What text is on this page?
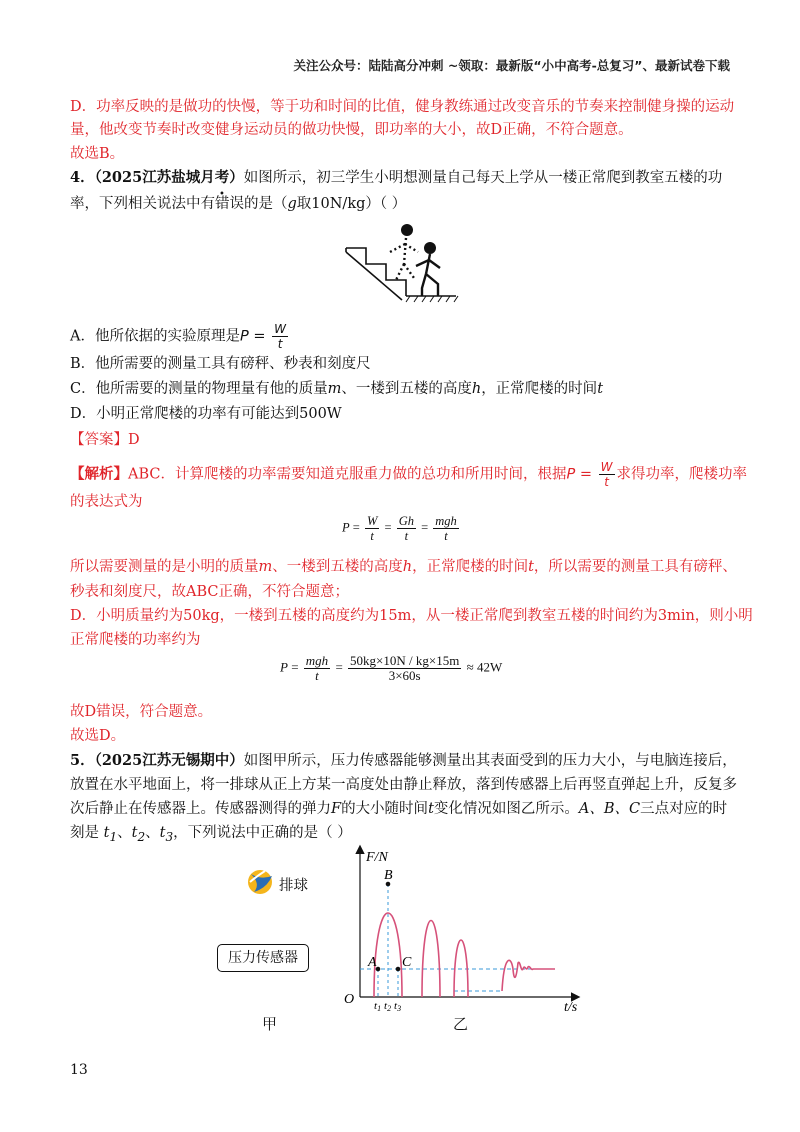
关注公众号：陆陆高分冲刺 ~领取：最新版“小中高考-总复习”、最新试卷下载
D．功率反映的是做功的快慢，等于功和时间的比值，健身教练通过改变音乐的节奏来控制健身操的运动
量，他改变节奏时改变健身运动员的做功快慢，即功率的大小，故D正确，不符合题意。
故选B。
4．（2025江苏盐城月考）如图所示，初三学生小明想测量自己每天上学从一楼正常爬到教室五楼的功
率，下列相关说法中有错误的是（g取10N/kg）（ ）
A．他所依据的实验原理是$P = \frac{W}{t}$
B．他所需要的测量工具有磅秤、秒表和刻度尺
C．他所需要的测量的物理量有他的质量m、一楼到五楼的高度h，正常爬楼的时间t
D．小明正常爬楼的功率有可能达到500W
【答案】D
【解析】ABC．计算爬楼的功率需要知道克服重力做的总功和所用时间，根据$P = \frac{W}{t}$ 求得功率，爬楼功率
的表达式为
$P = \frac{W}{t} = \frac{Gh}{t} = \frac{\text{mgh}}{t}$
所以需要测量的是小明的质量m、一楼到五楼的高度h，正常爬楼的时间t，所以需要的测量工具有磅秤、
秒表和刻度尺，故ABC正确，不符合题意；
D．小明质量约为50kg，一楼到五楼的高度约为15m，从一楼正常爬到教室五楼的时间约为3min，则小明
正常爬楼的功率约为
$P = \frac{\text{mgh}}{t} = \frac{50kg\times 10N / kg\times 15m}{3\times 60s} \approx 42W$
故D错误，符合题意。
故选D。
5．（2025江苏无锡期中）如图甲所示，压力传感器能够测量出其表面受到的压力大小，与电脑连接后，
放置在水平地面上，将一排球从正上方某一高度处由静止释放，落到传感器上后再竖直弹起上升，反复多
次后静止在传感器上。传感器测得的弹力F的大小随时间t变化情况如图乙所示。A、B、C三点对应的时
刻是 $t_1$、$t_2$、$t_3$，下列说法中正确的是（ ）
排球
压力传感器
甲
F/N
t/s
O
B
A C
t1 t2 t3
乙
13
